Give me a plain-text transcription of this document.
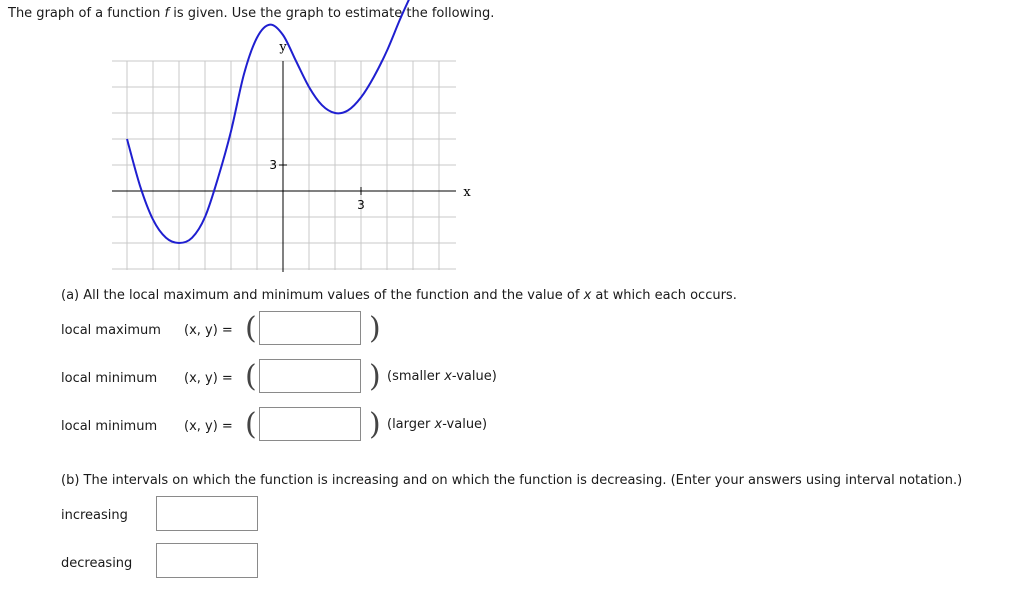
The graph of a function f is given. Use the graph to estimate the following.
y
x
3
3
(a) All the local maximum and minimum values of the function and the value of x at which each occurs.
local maximum (x, y) = (	)
local minimum (x, y) = (	) (smaller x-value)
local minimum (x, y) = (	) (larger x-value)
(b) The intervals on which the function is increasing and on which the function is decreasing. (Enter your answers using interval notation.)
increasing
decreasing
